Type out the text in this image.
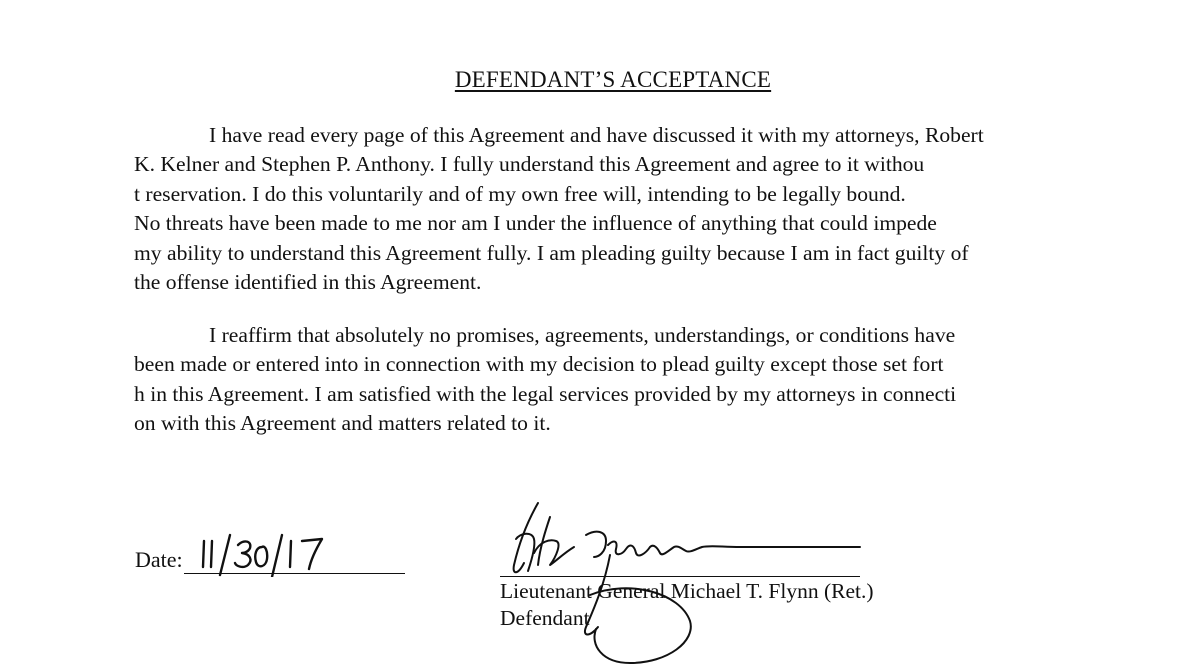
DEFENDANT’S ACCEPTANCE

I have read every page of this Agreement and have discussed it with my attorneys, Robert
K. Kelner and Stephen P. Anthony. I fully understand this Agreement and agree to it withou
t reservation. I do this voluntarily and of my own free will, intending to be legally bound.
No threats have been made to me nor am I under the influence of anything that could impede
my ability to understand this Agreement fully. I am pleading guilty because I am in fact guilty of
the offense identified in this Agreement.

I reaffirm that absolutely no promises, agreements, understandings, or conditions have
been made or entered into in connection with my decision to plead guilty except those set fort
h in this Agreement. I am satisfied with the legal services provided by my attorneys in connecti
on with this Agreement and matters related to it.

Date:
Lieutenant General Michael T. Flynn (Ret.)
Defendant
